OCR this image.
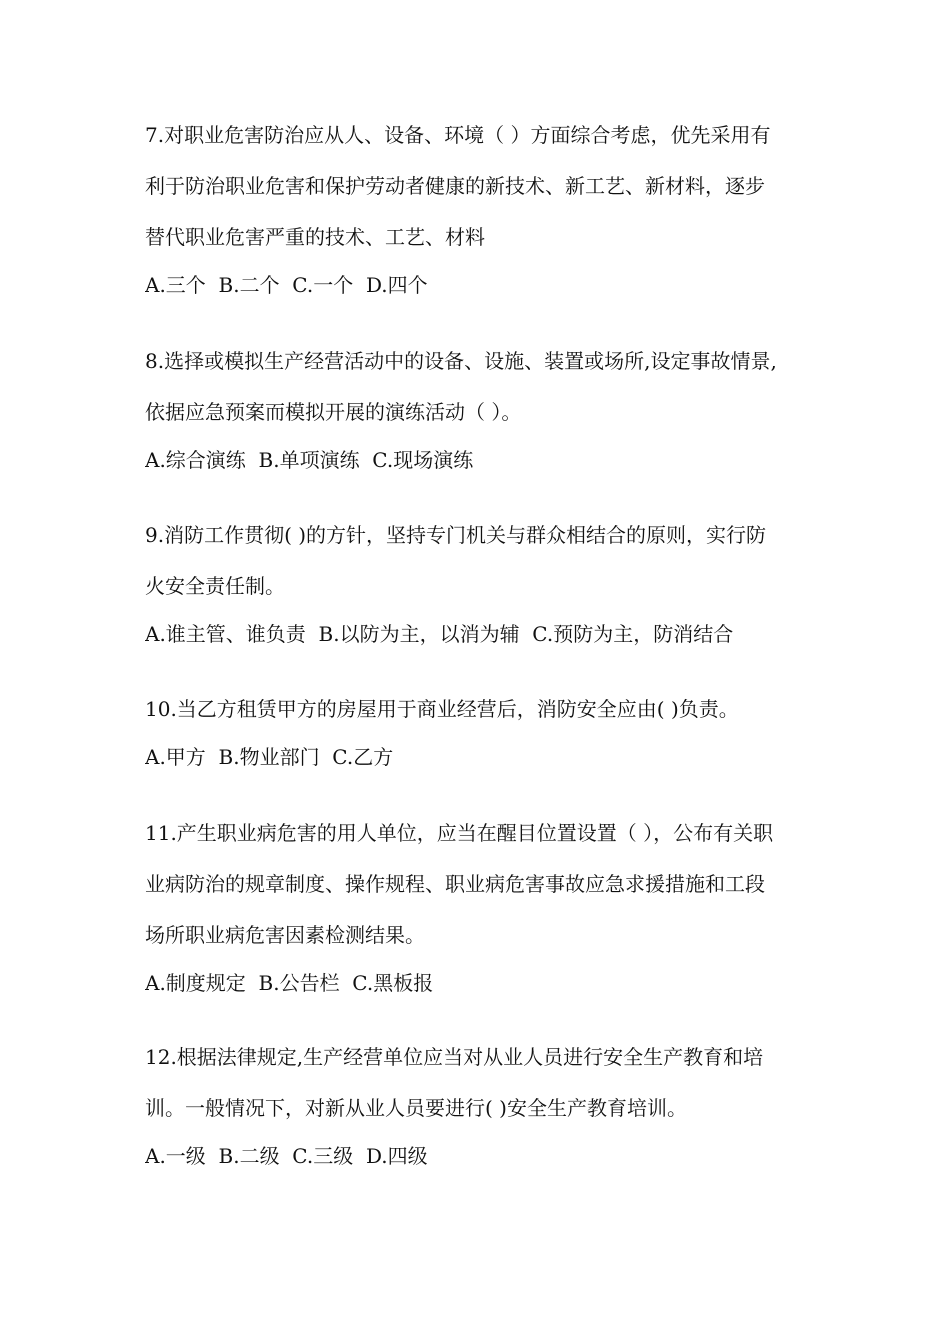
7.对职业危害防治应从人、设备、环境（ ）方面综合考虑，优先采用有
利于防治职业危害和保护劳动者健康的新技术、新工艺、新材料，逐步
替代职业危害严重的技术、工艺、材料
A.三个  B.二个  C.一个  D.四个
8.选择或模拟生产经营活动中的设备、设施、装置或场所,设定事故情景,
依据应急预案而模拟开展的演练活动（ ）。
A.综合演练  B.单项演练  C.现场演练
9.消防工作贯彻( )的方针，坚持专门机关与群众相结合的原则，实行防
火安全责任制。
A.谁主管、谁负责  B.以防为主，以消为辅  C.预防为主，防消结合
10.当乙方租赁甲方的房屋用于商业经营后，消防安全应由( )负责。
A.甲方  B.物业部门  C.乙方
11.产生职业病危害的用人单位，应当在醒目位置设置（ ），公布有关职
业病防治的规章制度、操作规程、职业病危害事故应急求援措施和工段
场所职业病危害因素检测结果。
A.制度规定  B.公告栏  C.黑板报
12.根据法律规定,生产经营单位应当对从业人员进行安全生产教育和培
训。一般情况下，对新从业人员要进行( )安全生产教育培训。
A.一级  B.二级  C.三级  D.四级
